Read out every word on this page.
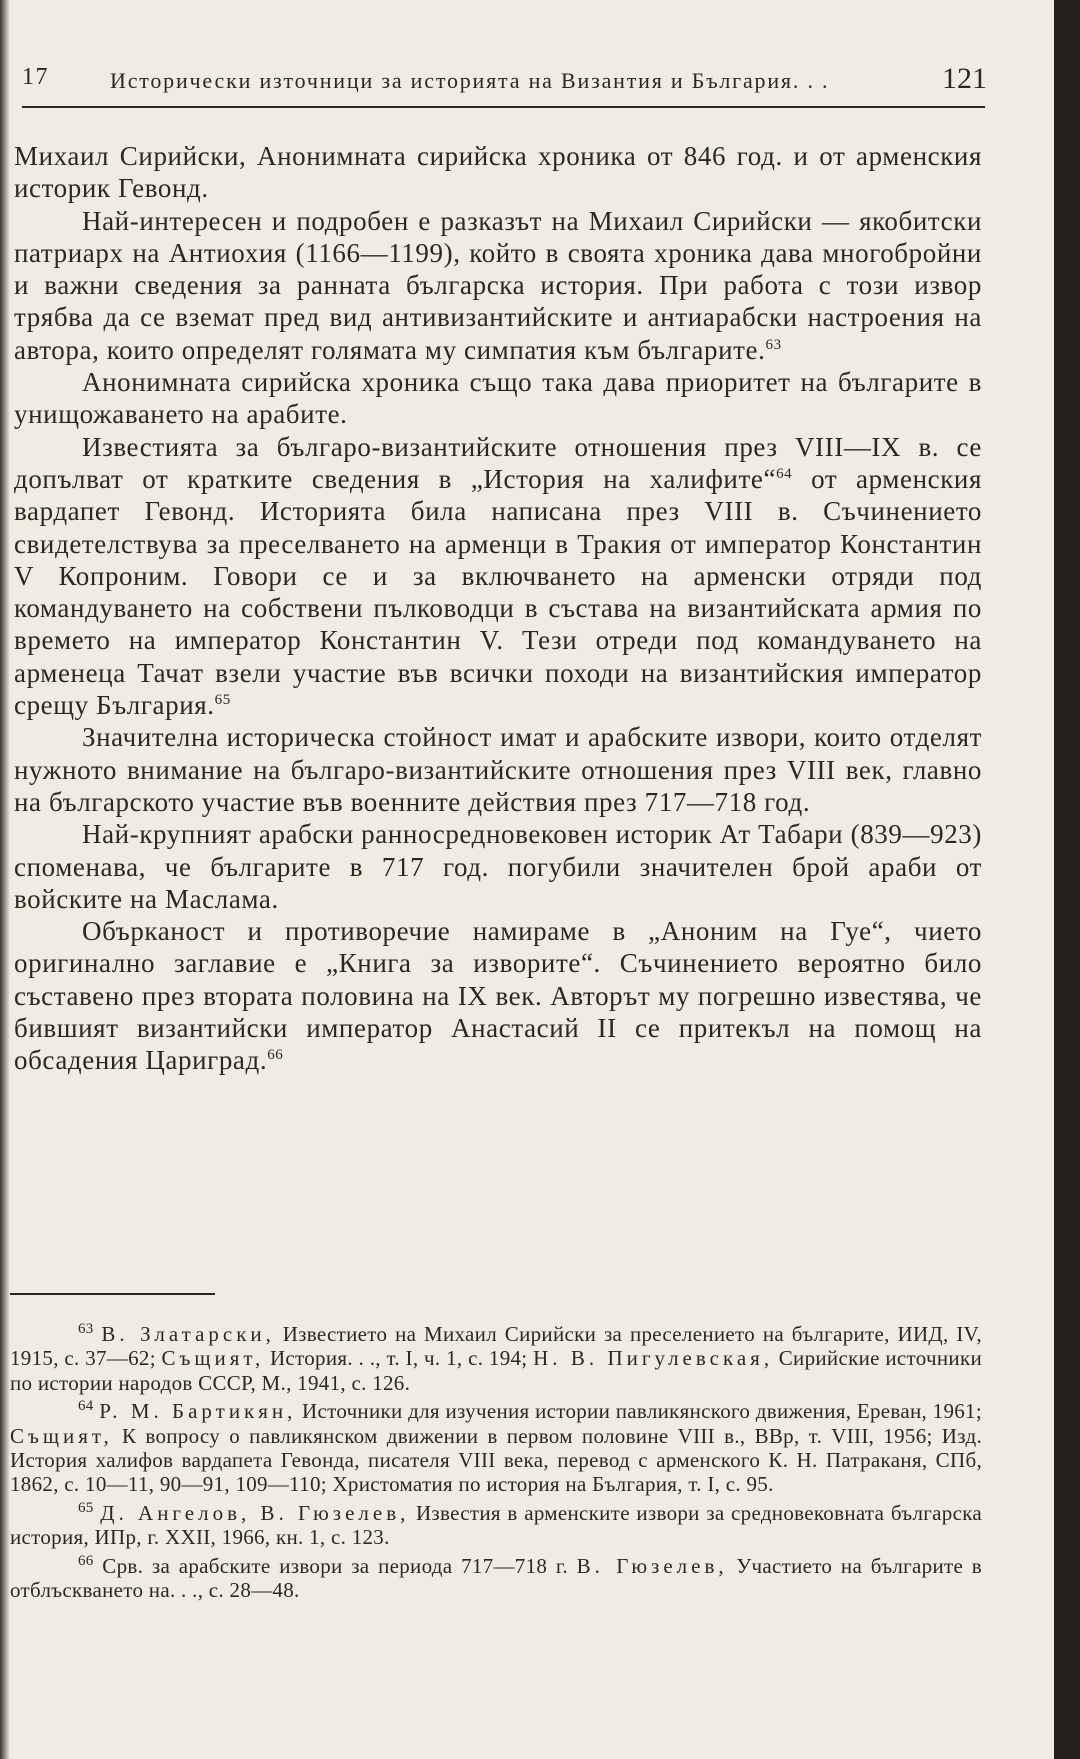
17	Исторически източници за историята на Византия и България. . .	121

Михаил Сирийски, Анонимната сирийска хроника от 846 год. и от арменския историк Гевонд.

Най-интересен и подробен е разказът на Михаил Сирийски — якобитски патриарх на Антиохия (1166—1199), който в своята хроника дава многобройни и важни сведения за ранната българска история. При работа с този извор трябва да се вземат пред вид антивизантийските и антиарабски настроения на автора, които определят голямата му симпатия към българите.$^{63}$

Анонимната сирийска хроника също така дава приоритет на българите в унищожаването на арабите.

Известията за българо-византийските отношения през VIII—IX в. се допълват от кратките сведения в „История на халифите“$^{64}$ от арменския вардапет Гевонд. Историята била написана през VIII в. Съчинението свидетелствува за преселването на арменци в Тракия от император Константин V Копроним. Говори се и за включването на арменски отряди под командуването на собствени пълководци в състава на византийската армия по времето на император Константин V. Тези отреди под командуването на арменеца Тачат взели участие във всички походи на византийския император срещу България.$^{65}$

Значителна историческа стойност имат и арабските извори, които отделят нужното внимание на българо-византийските отношения през VIII век, главно на българското участие във военните действия през 717—718 год.

Най-крупният арабски ранносредновековен историк Ат Табари (839—923) споменава, че българите в 717 год. погубили значителен брой араби от войските на Маслама.

Обърканост и противоречие намираме в „Аноним на Гуе“, чието оригинално заглавие е „Книга за изворите“. Съчинението вероятно било съставено през втората половина на IX век. Авторът му погрешно известява, че бившият византийски император Анастасий II се притекъл на помощ на обсадения Цариград.$^{66}$

$^{63}$ В. Златарски, Известието на Михаил Сирийски за преселението на българите, ИИД, IV, 1915, с. 37—62; Същият, История. . ., т. I, ч. 1, с. 194; Н. В. Пигулевская, Сирийские источники по истории народов СССР, М., 1941, с. 126.

$^{64}$ Р. М. Бартикян, Источники для изучения истории павликянского движения, Ереван, 1961; Същият, К вопросу о павликянском движении в первом половине VIII в., ВВр, т. VIII, 1956; Изд. История халифов вардапета Гевонда, писателя VIII века, перевод с арменского К. Н. Патраканя, СПб, 1862, с. 10—11, 90—91, 109—110; Христоматия по история на България, т. I, с. 95.

$^{65}$ Д. Ангелов, В. Гюзелев, Известия в арменските извори за средновековната българска история, ИПр, г. XXII, 1966, кн. 1, с. 123.

$^{66}$ Срв. за арабските извори за периода 717—718 г. В. Гюзелев, Участието на българите в отблъскването на. . ., с. 28—48.
